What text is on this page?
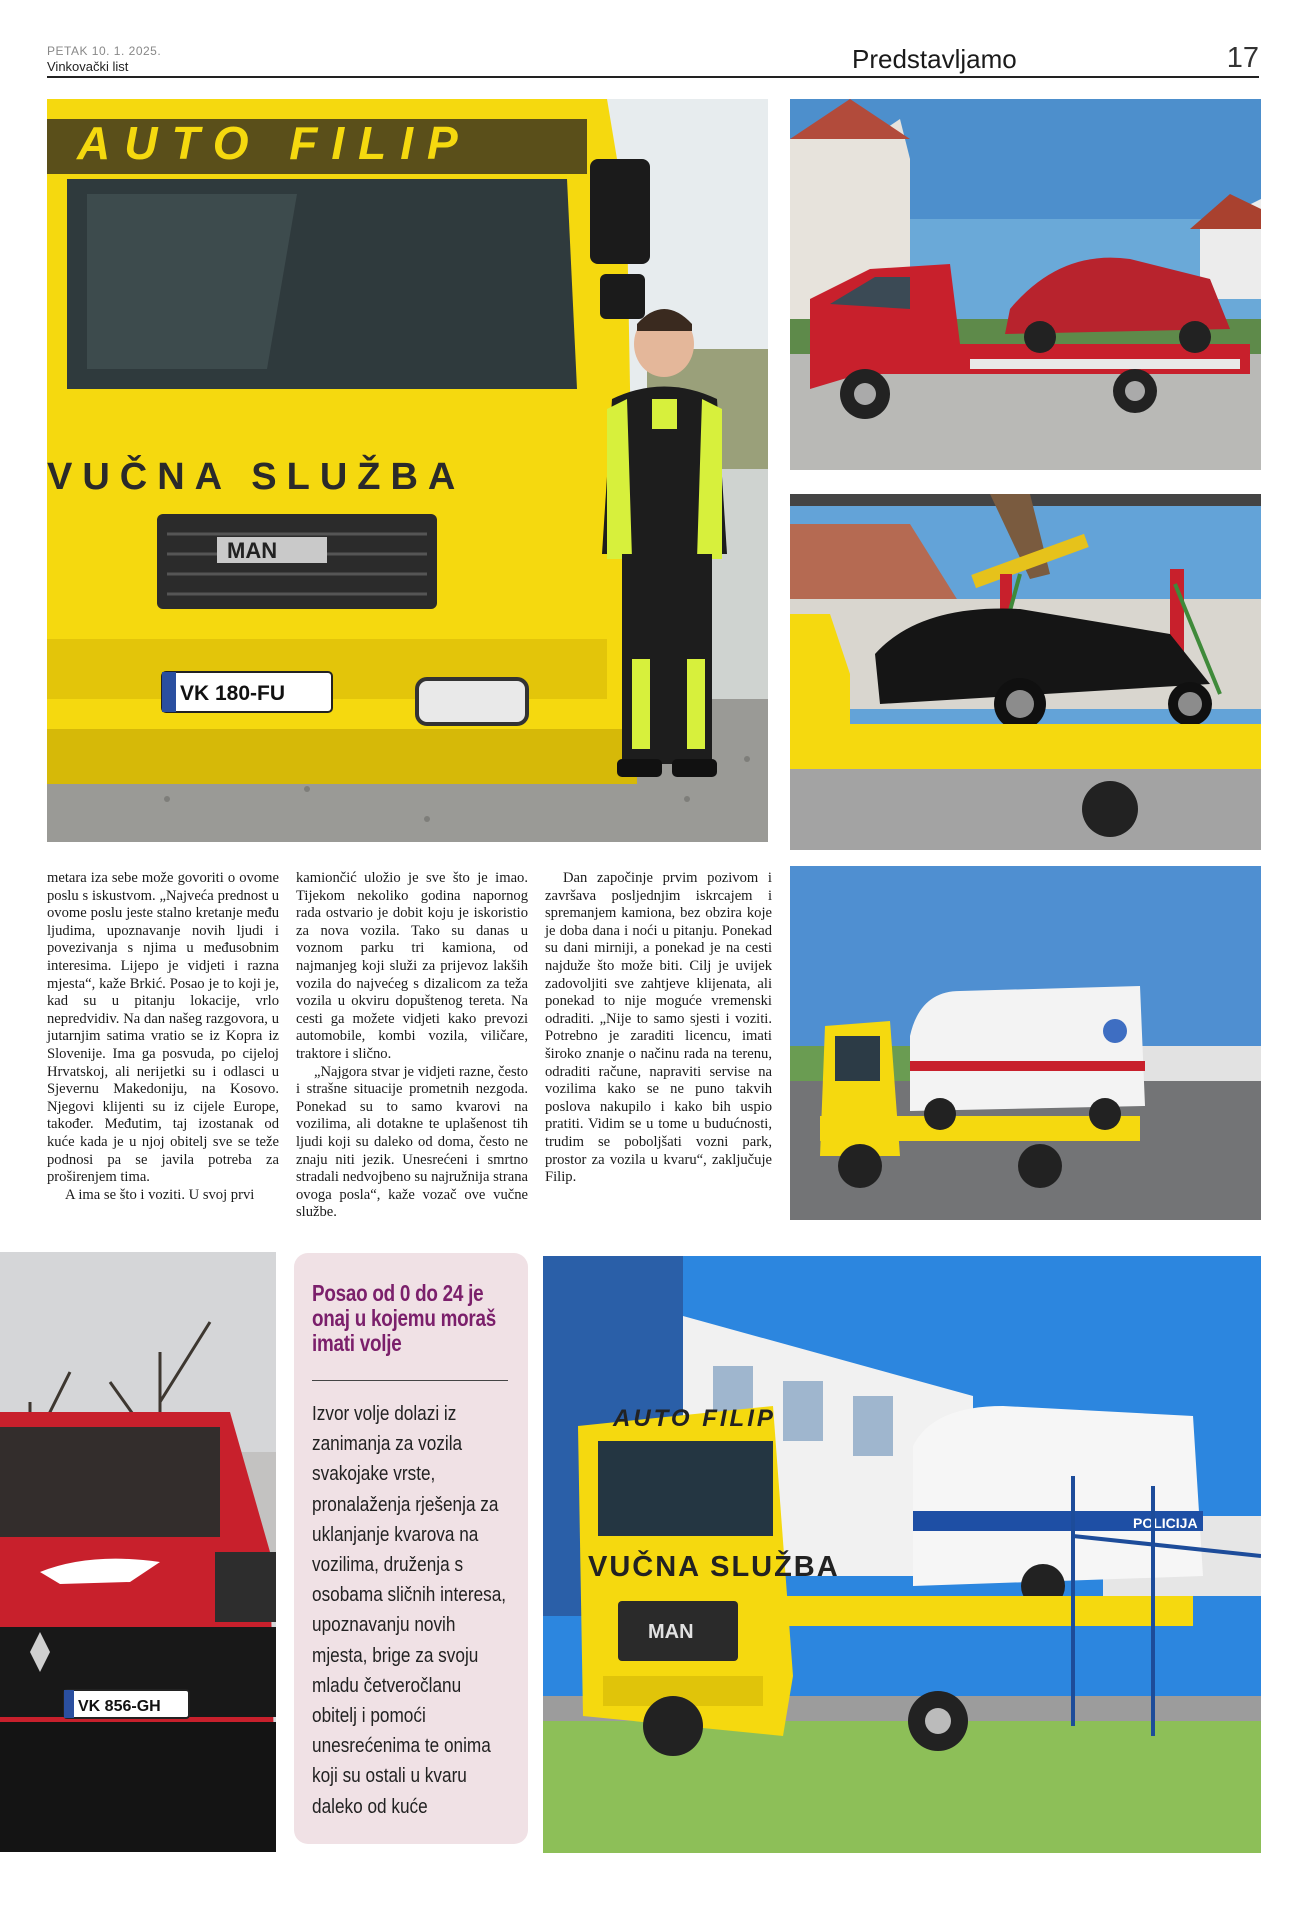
PETAK 10. 1. 2025.
Vinkovački list	Predstavljamo	17
AUTO FILIP
VUČNA SLUŽBA
MAN
VK 180-FU
VK 856-GH
POLICIJA
AUTO FILIP
VUČNA SLUŽBA
MAN

metara iza sebe može govoriti o ovome poslu s iskustvom. „Najveća prednost u ovome poslu jeste stalno kretanje među ljudima, upoznavanje novih ljudi i povezivanja s njima u međusobnim interesima. Lijepo je vidjeti i razna mjesta“, kaže Brkić. Posao je to koji je, kad su u pitanju lokacije, vrlo nepredvidiv. Na dan našeg razgovora, u jutarnjim satima vratio se iz Kopra iz Slovenije. Ima ga posvuda, po cijeloj Hrvatskoj, ali nerijetki su i odlasci u Sjevernu Makedoniju, na Kosovo. Njegovi klijenti su iz cijele Europe, također. Međutim, taj izostanak od kuće kada je u njoj obitelj sve se teže podnosi pa se javila potreba za proširenjem tima.

A ima se što i voziti. U svoj prvi

kamiončić uložio je sve što je imao. Tijekom nekoliko godina napornog rada ostvario je dobit koju je iskoristio za nova vozila. Tako su danas u voznom parku tri kamiona, od najmanjeg koji služi za prijevoz lakših vozila do najvećeg s dizalicom za teža vozila u okviru dopuštenog tereta. Na cesti ga možete vidjeti kako prevozi automobile, kombi vozila, viličare, traktore i slično.

„Najgora stvar je vidjeti razne, često i strašne situacije prometnih nezgoda. Ponekad su to samo kvarovi na vozilima, ali dotakne te uplašenost tih ljudi koji su daleko od doma, često ne znaju niti jezik. Unesrećeni i smrtno stradali nedvojbeno su najružnija strana ovoga posla“, kaže vozač ove vučne službe.

Dan započinje prvim pozivom i završava posljednjim iskrcajem i spremanjem kamiona, bez obzira koje je doba dana i noći u pitanju. Ponekad su dani mirniji, a ponekad je na cesti najduže što može biti. Cilj je uvijek zadovoljiti sve zahtjeve klijenata, ali ponekad to nije moguće vremenski odraditi. „Nije to samo sjesti i voziti. Potrebno je zaraditi licencu, imati široko znanje o načinu rada na terenu, odraditi račune, napraviti servise na vozilima kako se ne puno takvih poslova nakupilo i kako bih uspio pratiti. Vidim se u tome u budućnosti, trudim se poboljšati vozni park, prostor za vozila u kvaru“, zaključuje Filip.

Posao od 0 do 24 je onaj u kojemu moraš imati volje
Izvor volje dolazi iz zanimanja za vozila svakojake vrste, pronalaženja rješenja za uklanjanje kvarova na vozilima, druženja s osobama sličnih interesa, upoznavanju novih mjesta, brige za svoju mladu četveročlanu obitelj i pomoći unesrećenima te onima koji su ostali u kvaru daleko od kuće
